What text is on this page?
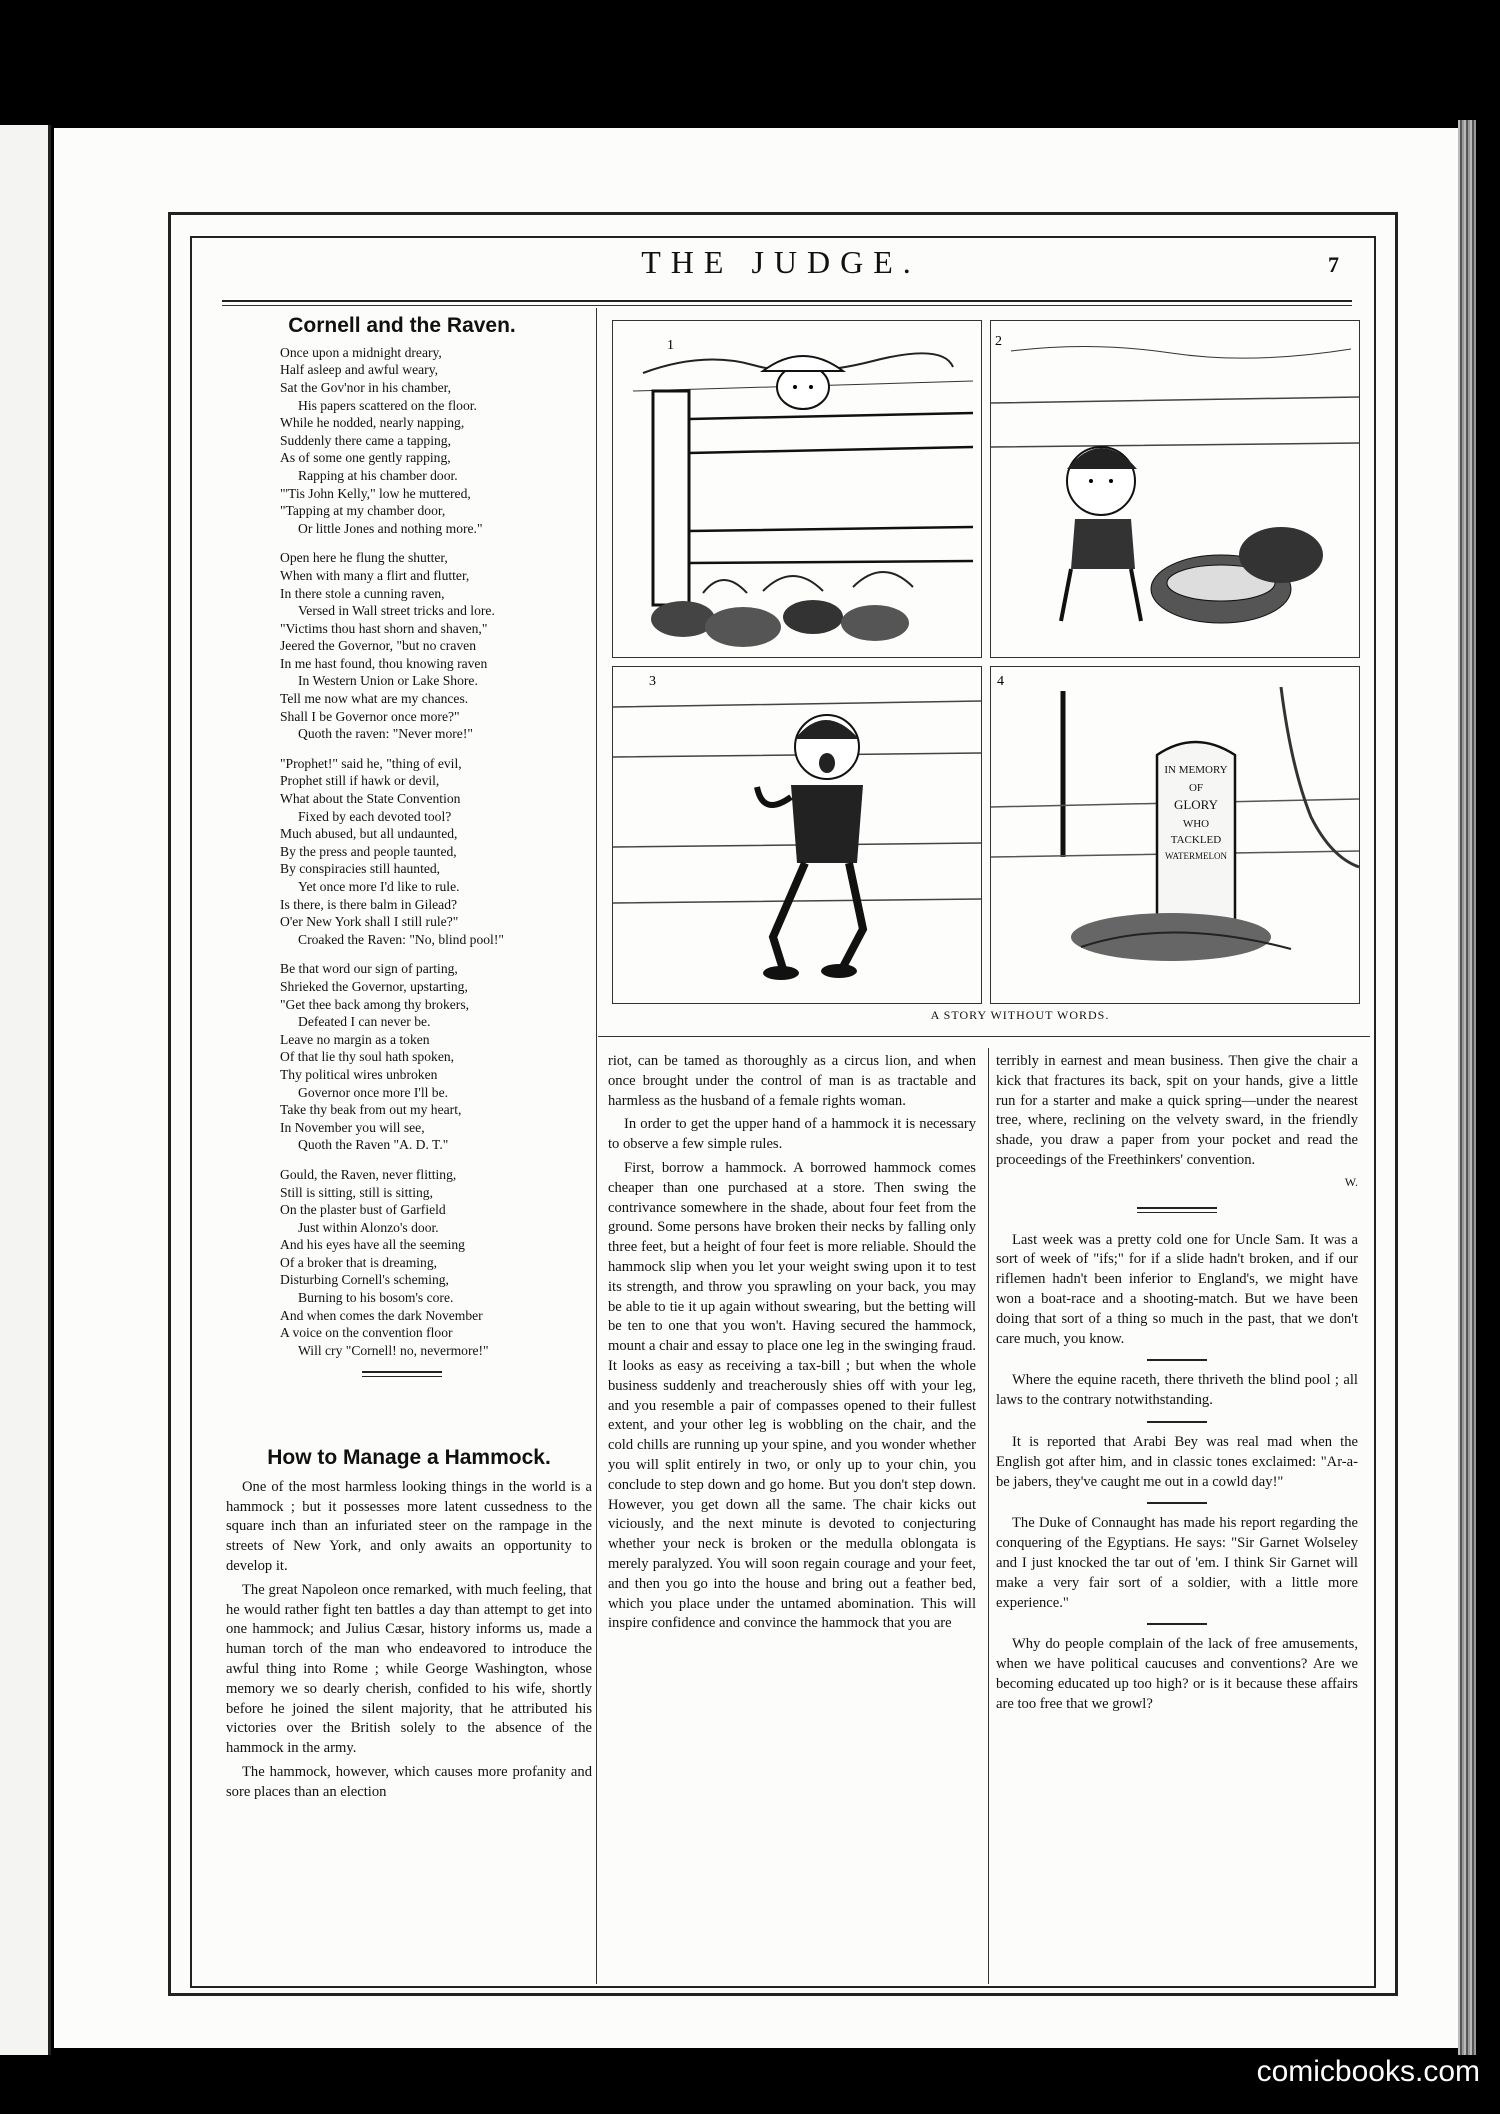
THE JUDGE.	7
Cornell and the Raven.
Once upon a midnight dreary,
Half asleep and awful weary,
Sat the Gov'nor in his chamber,
His papers scattered on the floor.
While he nodded, nearly napping,
Suddenly there came a tapping,
As of some one gently rapping,
Rapping at his chamber door.
"'Tis John Kelly," low he muttered,
"Tapping at my chamber door,
Or little Jones and nothing more."
Open here he flung the shutter,
When with many a flirt and flutter,
In there stole a cunning raven,
Versed in Wall street tricks and lore.
"Victims thou hast shorn and shaven,"
Jeered the Governor, "but no craven
In me hast found, thou knowing raven
In Western Union or Lake Shore.
Tell me now what are my chances.
Shall I be Governor once more?"
Quoth the raven: "Never more!"
"Prophet!" said he, "thing of evil,
Prophet still if hawk or devil,
What about the State Convention
Fixed by each devoted tool?
Much abused, but all undaunted,
By the press and people taunted,
By conspiracies still haunted,
Yet once more I'd like to rule.
Is there, is there balm in Gilead?
O'er New York shall I still rule?"
Croaked the Raven: "No, blind pool!"
Be that word our sign of parting,
Shrieked the Governor, upstarting,
"Get thee back among thy brokers,
Defeated I can never be.
Leave no margin as a token
Of that lie thy soul hath spoken,
Thy political wires unbroken
Governor once more I'll be.
Take thy beak from out my heart,
In November you will see,
Quoth the Raven "A. D. T."
Gould, the Raven, never flitting,
Still is sitting, still is sitting,
On the plaster bust of Garfield
Just within Alonzo's door.
And his eyes have all the seeming
Of a broker that is dreaming,
Disturbing Cornell's scheming,
Burning to his bosom's core.
And when comes the dark November
A voice on the convention floor
Will cry "Cornell! no, nevermore!"
How to Manage a Hammock.

One of the most harmless looking things in the world is a hammock ; but it possesses more latent cussedness to the square inch than an infuriated steer on the rampage in the streets of New York, and only awaits an opportunity to develop it.

The great Napoleon once remarked, with much feeling, that he would rather fight ten battles a day than attempt to get into one hammock; and Julius Cæsar, history informs us, made a human torch of the man who endeavored to introduce the awful thing into Rome ; while George Washington, whose memory we so dearly cherish, confided to his wife, shortly before he joined the silent majority, that he attributed his victories over the British solely to the absence of the hammock in the army.

The hammock, however, which causes more profanity and sore places than an election

1	2
3	4
IN MEMORY
OF
GLORY
WHO
TACKLED
WATERMELON
A STORY WITHOUT WORDS.

riot, can be tamed as thoroughly as a circus lion, and when once brought under the control of man is as tractable and harmless as the husband of a female rights woman.

In order to get the upper hand of a hammock it is necessary to observe a few simple rules.

First, borrow a hammock. A borrowed hammock comes cheaper than one purchased at a store. Then swing the contrivance somewhere in the shade, about four feet from the ground. Some persons have broken their necks by falling only three feet, but a height of four feet is more reliable. Should the hammock slip when you let your weight swing upon it to test its strength, and throw you sprawling on your back, you may be able to tie it up again without swearing, but the betting will be ten to one that you won't. Having secured the hammock, mount a chair and essay to place one leg in the swinging fraud. It looks as easy as receiving a tax-bill ; but when the whole business suddenly and treacherously shies off with your leg, and you resemble a pair of compasses opened to their fullest extent, and your other leg is wobbling on the chair, and the cold chills are running up your spine, and you wonder whether you will split entirely in two, or only up to your chin, you conclude to step down and go home. But you don't step down. However, you get down all the same. The chair kicks out viciously, and the next minute is devoted to conjecturing whether your neck is broken or the medulla oblongata is merely paralyzed. You will soon regain courage and your feet, and then you go into the house and bring out a feather bed, which you place under the untamed abomination. This will inspire confidence and convince the hammock that you are

terribly in earnest and mean business. Then give the chair a kick that fractures its back, spit on your hands, give a little run for a starter and make a quick spring—under the nearest tree, where, reclining on the velvety sward, in the friendly shade, you draw a paper from your pocket and read the proceedings of the Freethinkers' convention.

W.

Last week was a pretty cold one for Uncle Sam. It was a sort of week of "ifs;" for if a slide hadn't broken, and if our riflemen hadn't been inferior to England's, we might have won a boat-race and a shooting-match. But we have been doing that sort of a thing so much in the past, that we don't care much, you know.

Where the equine raceth, there thriveth the blind pool ; all laws to the contrary notwithstanding.

It is reported that Arabi Bey was real mad when the English got after him, and in classic tones exclaimed: "Ar-a-be jabers, they've caught me out in a cowld day!"

The Duke of Connaught has made his report regarding the conquering of the Egyptians. He says: "Sir Garnet Wolseley and I just knocked the tar out of 'em. I think Sir Garnet will make a very fair sort of a soldier, with a little more experience."

Why do people complain of the lack of free amusements, when we have political caucuses and conventions? Are we becoming educated up too high? or is it because these affairs are too free that we growl?

comicbooks.com
